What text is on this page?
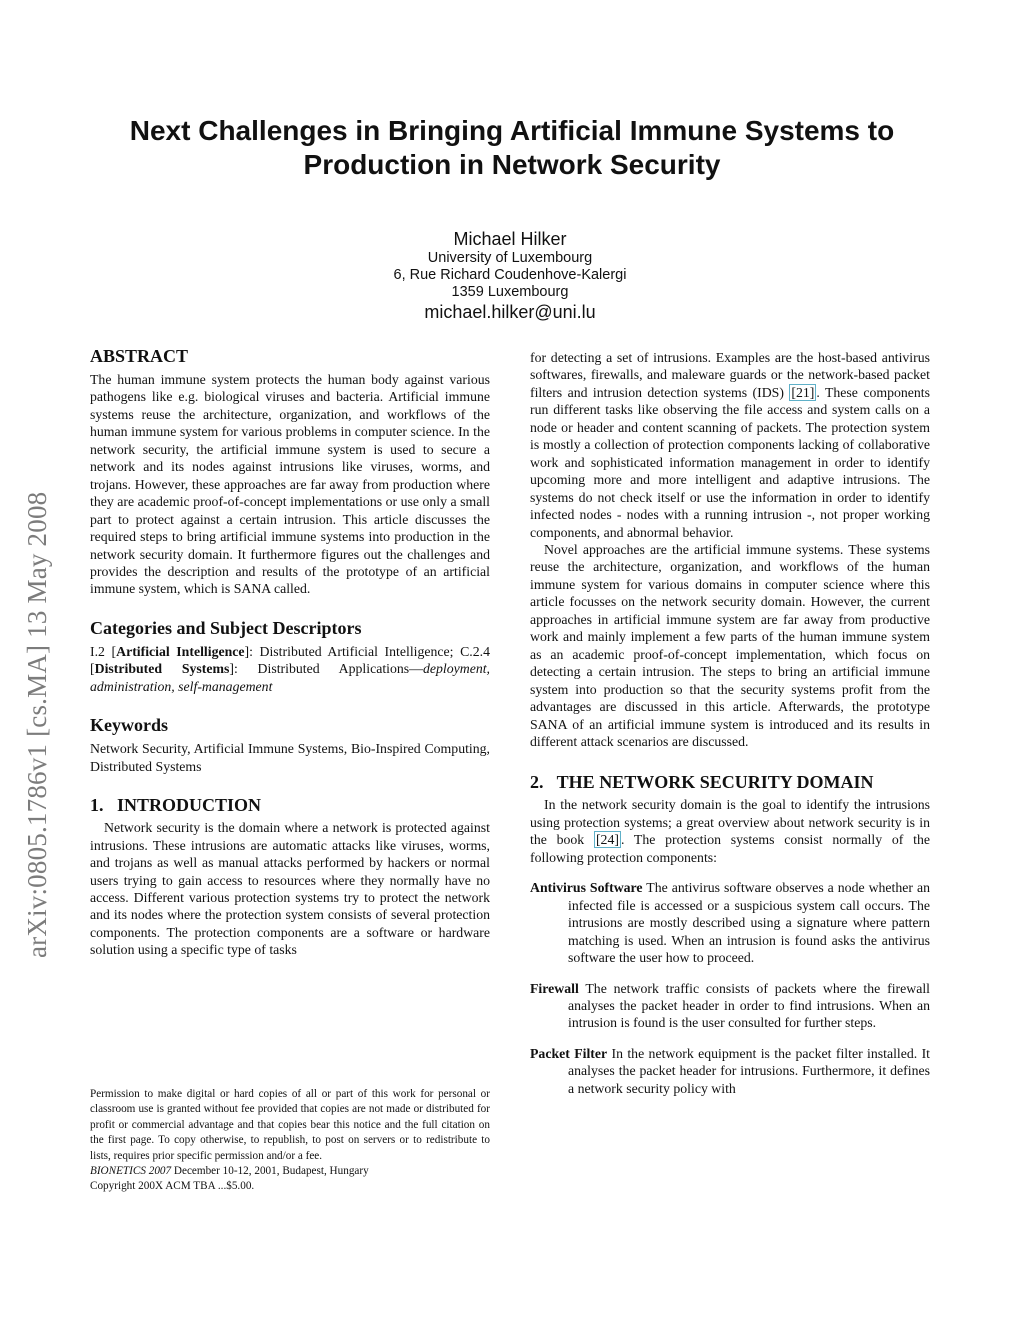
arXiv:0805.1786v1 [cs.MA] 13 May 2008
Next Challenges in Bringing Artificial Immune Systems to
Production in Network Security
Michael Hilker
University of Luxembourg
6, Rue Richard Coudenhove-Kalergi
1359 Luxembourg
michael.hilker@uni.lu
ABSTRACT

The human immune system protects the human body against various pathogens like e.g. biological viruses and bacteria. Artificial immune systems reuse the architecture, organization, and workflows of the human immune system for various problems in computer science. In the network security, the artificial immune system is used to secure a network and its nodes against intrusions like viruses, worms, and trojans. However, these approaches are far away from production where they are academic proof-of-concept implementations or use only a small part to protect against a certain intrusion. This article discusses the required steps to bring artificial immune systems into production in the network security domain. It furthermore figures out the challenges and provides the description and results of the prototype of an artificial immune system, which is SANA called.

Categories and Subject Descriptors

I.2 [Artificial Intelligence]: Distributed Artificial Intelligence; C.2.4 [Distributed Systems]: Distributed Applications—deployment, administration, self-management

Keywords

Network Security, Artificial Immune Systems, Bio-Inspired Computing, Distributed Systems

1.   INTRODUCTION

Network security is the domain where a network is protected against intrusions. These intrusions are automatic attacks like viruses, worms, and trojans as well as manual attacks performed by hackers or normal users trying to gain access to resources where they normally have no access. Different various protection systems try to protect the network and its nodes where the protection system consists of several protection components. The protection components are a software or hardware solution using a specific type of tasks

Permission to make digital or hard copies of all or part of this work for personal or classroom use is granted without fee provided that copies are not made or distributed for profit or commercial advantage and that copies bear this notice and the full citation on the first page. To copy otherwise, to republish, to post on servers or to redistribute to lists, requires prior specific permission and/or a fee.
BIONETICS 2007 December 10-12, 2001, Budapest, Hungary
Copyright 200X ACM TBA ...$5.00.

for detecting a set of intrusions. Examples are the host-based antivirus softwares, firewalls, and maleware guards or the network-based packet filters and intrusion detection systems (IDS) [21] . These components run different tasks like observing the file access and system calls on a node or header and content scanning of packets. The protection system is mostly a collection of protection components lacking of collaborative work and sophisticated information management in order to identify upcoming more and more intelligent and adaptive intrusions. The systems do not check itself or use the information in order to identify infected nodes - nodes with a running intrusion -, not proper working components, and abnormal behavior.

Novel approaches are the artificial immune systems. These systems reuse the architecture, organization, and workflows of the human immune system for various domains in computer science where this article focusses on the network security domain. However, the current approaches in artificial immune system are far away from productive work and mainly implement a few parts of the human immune system as an academic proof-of-concept implementation, which focus on detecting a certain intrusion. The steps to bring an artificial immune system into production so that the security systems profit from the advantages are discussed in this article. Afterwards, the prototype SANA of an artificial immune system is introduced and its results in different attack scenarios are discussed.

2.   THE NETWORK SECURITY DOMAIN

In the network security domain is the goal to identify the intrusions using protection systems; a great overview about network security is in the book [24] . The protection systems consist normally of the following protection components:

Antivirus Software The antivirus software observes a node whether an infected file is accessed or a suspicious system call occurs. The intrusions are mostly described using a signature where pattern matching is used. When an intrusion is found asks the antivirus software the user how to proceed.

Firewall The network traffic consists of packets where the firewall analyses the packet header in order to find intrusions. When an intrusion is found is the user consulted for further steps.

Packet Filter In the network equipment is the packet filter installed. It analyses the packet header for intrusions. Furthermore, it defines a network security policy with
